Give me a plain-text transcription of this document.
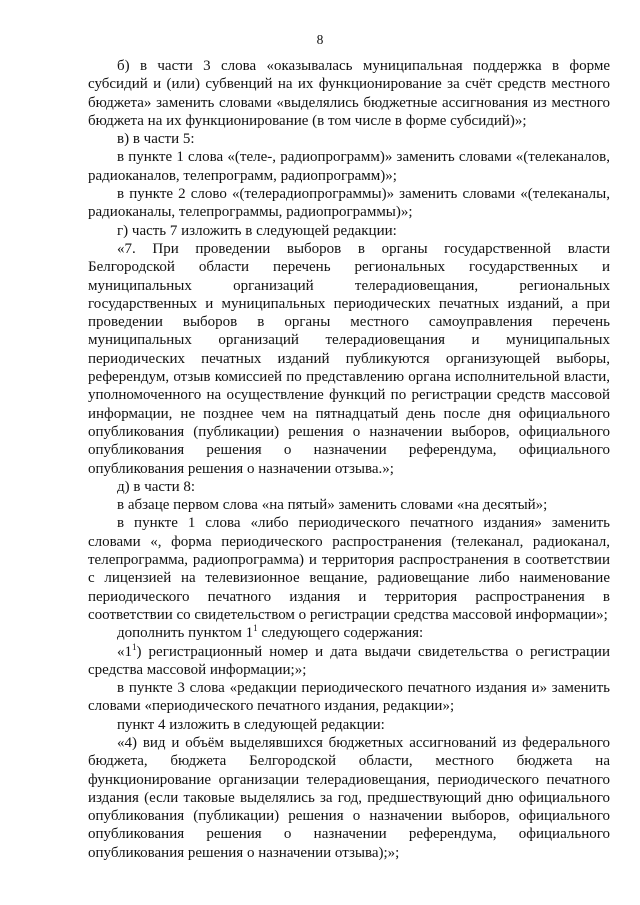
8

б) в части 3 слова «оказывалась муниципальная поддержка в форме субсидий и (или) субвенций на их функционирование за счёт средств местного бюджета» заменить словами «выделялись бюджетные ассигнования из местного бюджета на их функционирование (в том числе в форме субсидий)»;

в) в части 5:

в пункте 1 слова «(теле-, радиопрограмм)» заменить словами «(телеканалов, радиоканалов, телепрограмм, радиопрограмм)»;

в пункте 2 слово «(телерадиопрограммы)» заменить словами «(телеканалы, радиоканалы, телепрограммы, радиопрограммы)»;

г) часть 7 изложить в следующей редакции:

«7. При проведении выборов в органы государственной власти Белгородской области перечень региональных государственных и муниципальных организаций телерадиовещания, региональных государственных и муниципальных периодических печатных изданий, а при проведении выборов в органы местного самоуправления перечень муниципальных организаций телерадиовещания и муниципальных периодических печатных изданий публикуются организующей выборы, референдум, отзыв комиссией по представлению органа исполнительной власти, уполномоченного на осуществление функций по регистрации средств массовой информации, не позднее чем на пятнадцатый день после дня официального опубликования (публикации) решения о назначении выборов, официального опубликования решения о назначении референдума, официального опубликования решения о назначении отзыва.»;

д) в части 8:

в абзаце первом слова «на пятый» заменить словами «на десятый»;

в пункте 1 слова «либо периодического печатного издания» заменить словами «, форма периодического распространения (телеканал, радиоканал, телепрограмма, радиопрограмма) и территория распространения в соответствии с лицензией на телевизионное вещание, радиовещание либо наименование периодического печатного издания и территория распространения в соответствии со свидетельством о регистрации средства массовой информации»;

дополнить пунктом $1^1$ следующего содержания:

«$1^1$) регистрационный номер и дата выдачи свидетельства о регистрации средства массовой информации;»;

в пункте 3 слова «редакции периодического печатного издания и» заменить словами «периодического печатного издания, редакции»;

пункт 4 изложить в следующей редакции:

«4) вид и объём выделявшихся бюджетных ассигнований из федерального бюджета, бюджета Белгородской области, местного бюджета на функционирование организации телерадиовещания, периодического печатного издания (если таковые выделялись за год, предшествующий дню официального опубликования (публикации) решения о назначении выборов, официального опубликования решения о назначении референдума, официального опубликования решения о назначении отзыва);»;
